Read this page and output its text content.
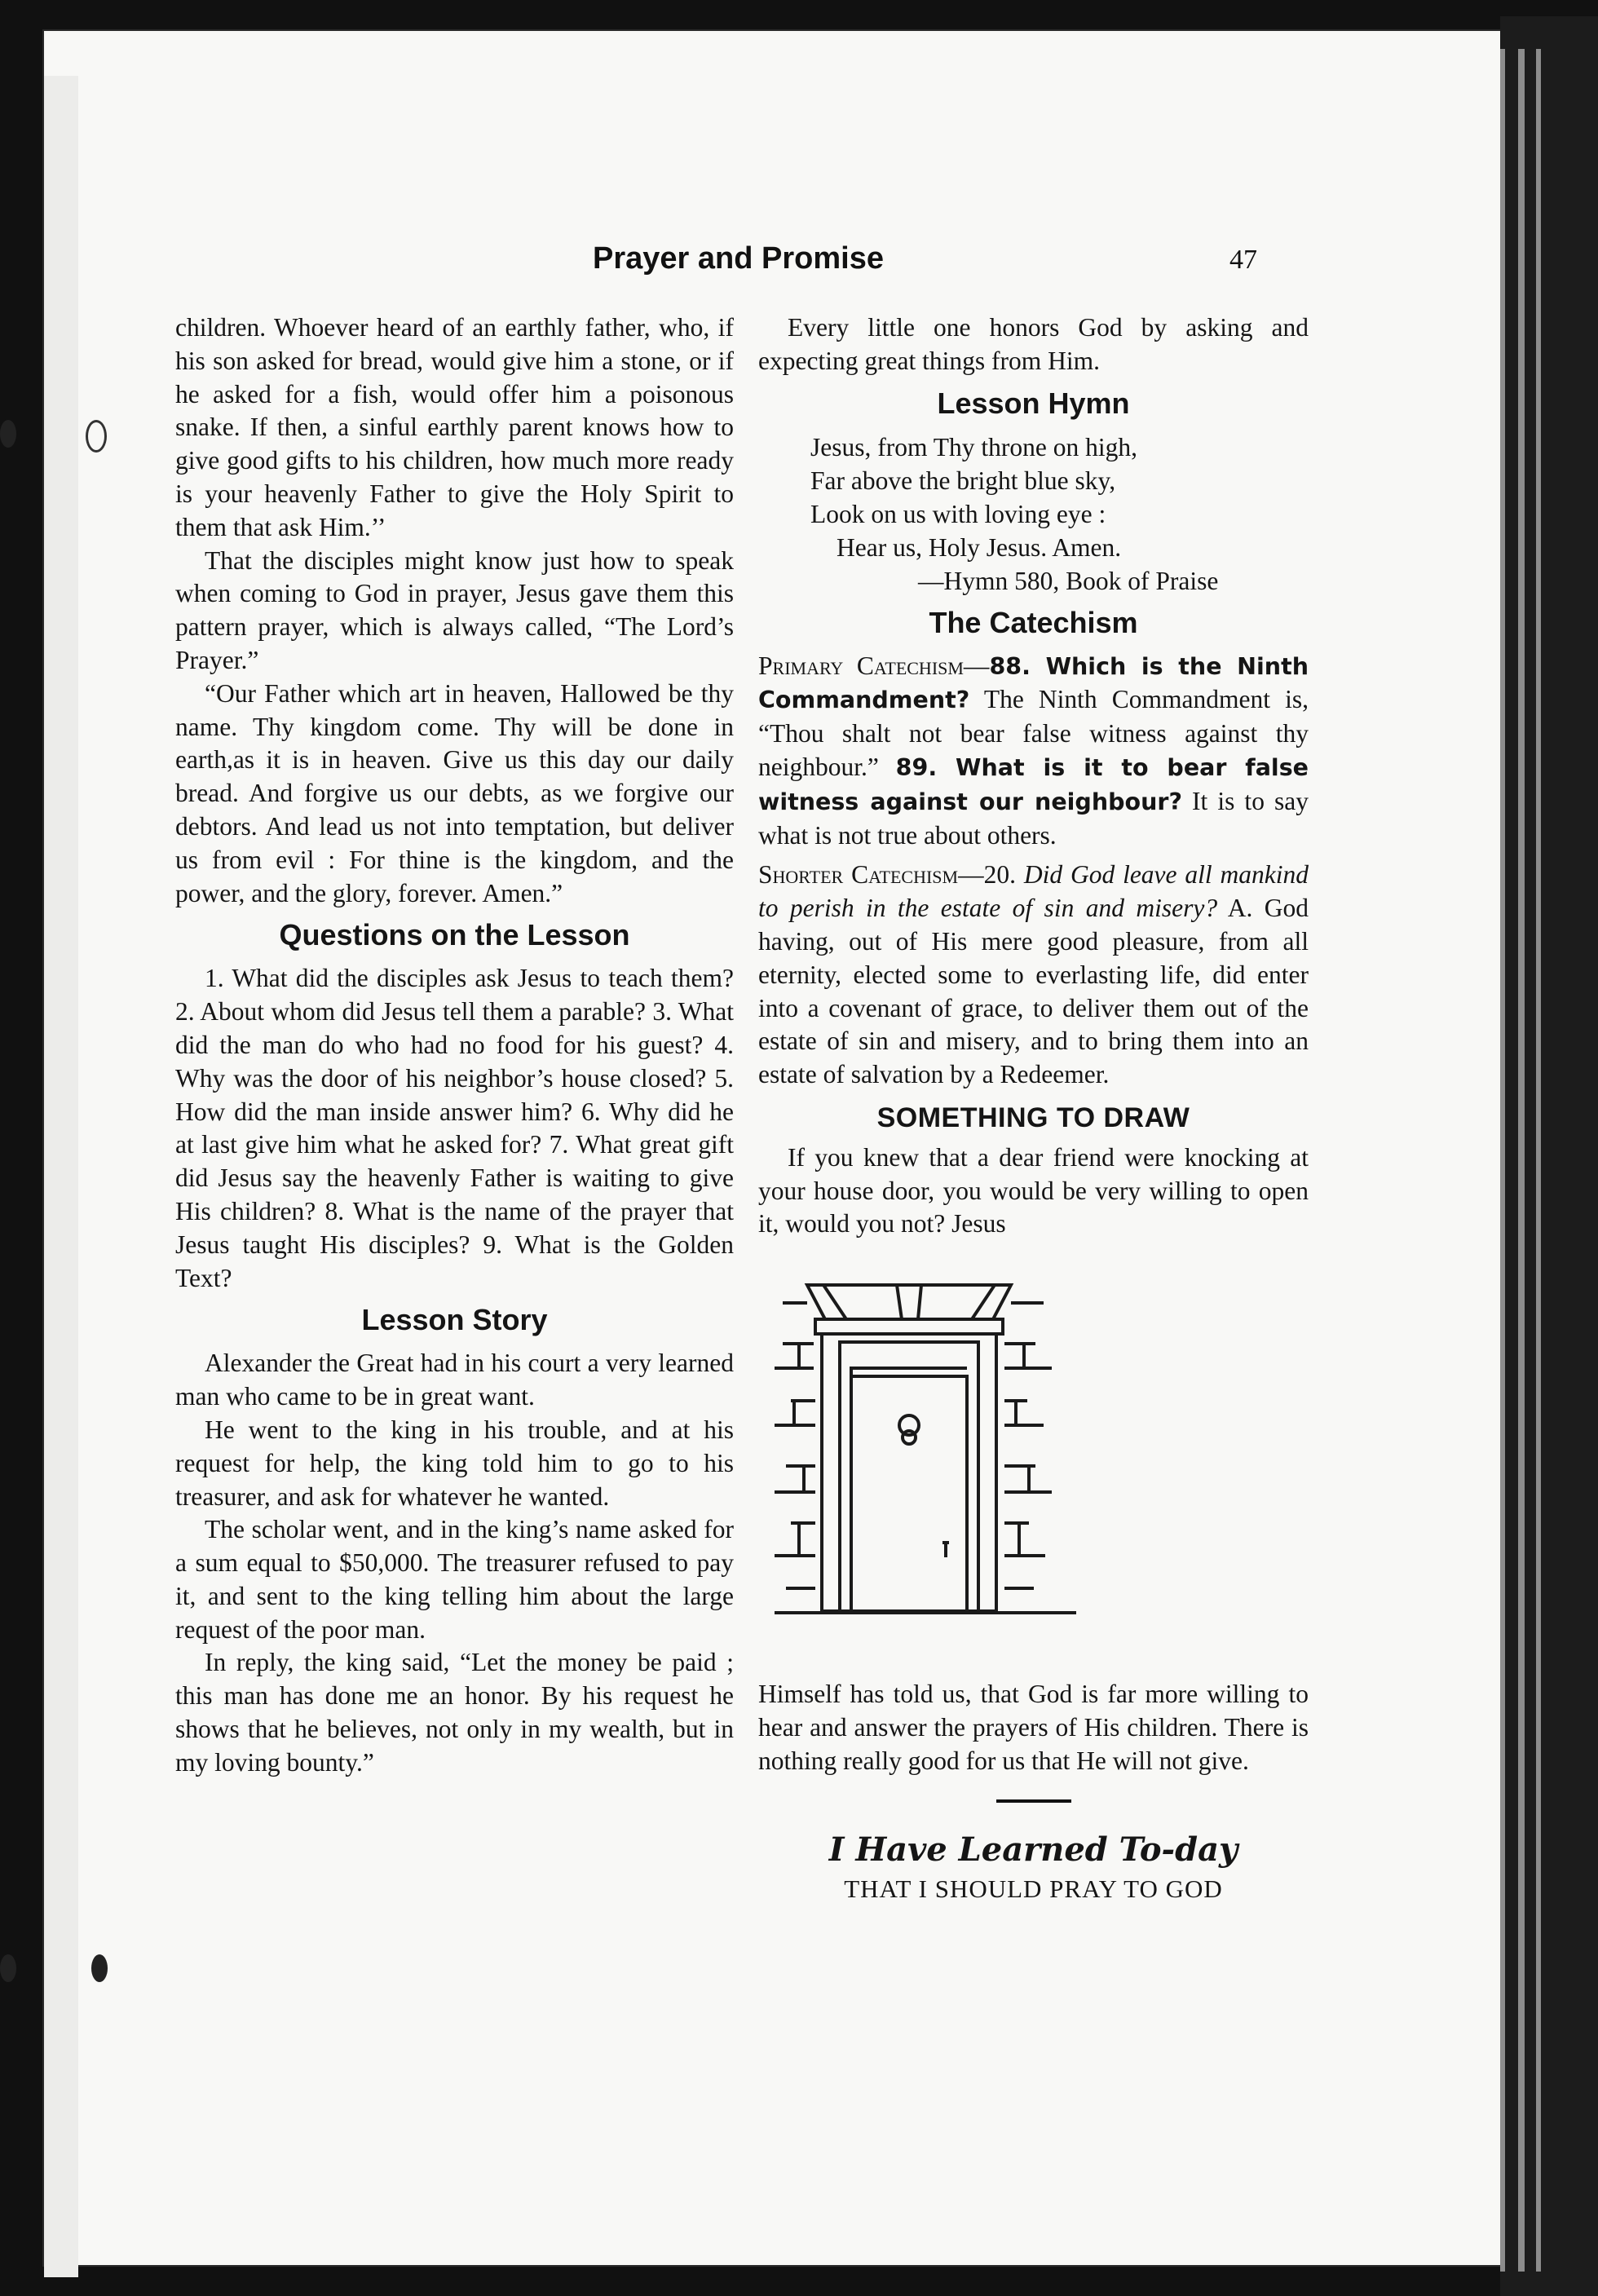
Prayer and Promise	47

children. Whoever heard of an earthly father, who, if his son asked for bread, would give him a stone, or if he asked for a fish, would offer him a poisonous snake. If then, a sinful earthly parent knows how to give good gifts to his children, how much more ready is your heavenly Father to give the Holy Spirit to them that ask Him.’’

That the disciples might know just how to speak when coming to God in prayer, Jesus gave them this pattern prayer, which is always called, “The Lord’s Prayer.”

“Our Father which art in heaven, Hallowed be thy name. Thy kingdom come. Thy will be done in earth,as it is in heaven. Give us this day our daily bread. And forgive us our debts, as we forgive our debtors. And lead us not into temptation, but deliver us from evil : For thine is the kingdom, and the power, and the glory, forever. Amen.”

Questions on the Lesson

1. What did the disciples ask Jesus to teach them? 2. About whom did Jesus tell them a parable? 3. What did the man do who had no food for his guest? 4. Why was the door of his neighbor’s house closed? 5. How did the man inside answer him? 6. Why did he at last give him what he asked for? 7. What great gift did Jesus say the heavenly Father is waiting to give His children? 8. What is the name of the prayer that Jesus taught His disciples? 9. What is the Golden Text?

Lesson Story

Alexander the Great had in his court a very learned man who came to be in great want.

He went to the king in his trouble, and at his request for help, the king told him to go to his treasurer, and ask for whatever he wanted.

The scholar went, and in the king’s name asked for a sum equal to $50,000. The treasurer refused to pay it, and sent to the king telling him about the large request of the poor man.

In reply, the king said, “Let the money be paid ; this man has done me an honor. By his request he shows that he believes, not only in my wealth, but in my loving bounty.”

Every little one honors God by asking and expecting great things from Him.

Lesson Hymn
Jesus, from Thy throne on high,
Far above the bright blue sky,
Look on us with loving eye :
Hear us, Holy Jesus. Amen.
—Hymn 580, Book of Praise
The Catechism

Primary Catechism—88. Which is the Ninth Commandment? The Ninth Commandment is, “Thou shalt not bear false witness against thy neighbour.” 89. What is it to bear false witness against our neighbour? It is to say what is not true about others.

Shorter Catechism—20. Did God leave all mankind to perish in the estate of sin and misery? A. God having, out of His mere good pleasure, from all eternity, elected some to everlasting life, did enter into a covenant of grace, to deliver them out of the estate of sin and misery, and to bring them into an estate of salvation by a Redeemer.

SOMETHING TO DRAW

If you knew that a dear friend were knocking at your house door, you would be very willing to open it, would you not? Jesus

Himself has told us, that God is far more willing to hear and answer the prayers of His children. There is nothing really good for us that He will not give.

I Have Learned To-day
THAT I SHOULD PRAY TO GOD
